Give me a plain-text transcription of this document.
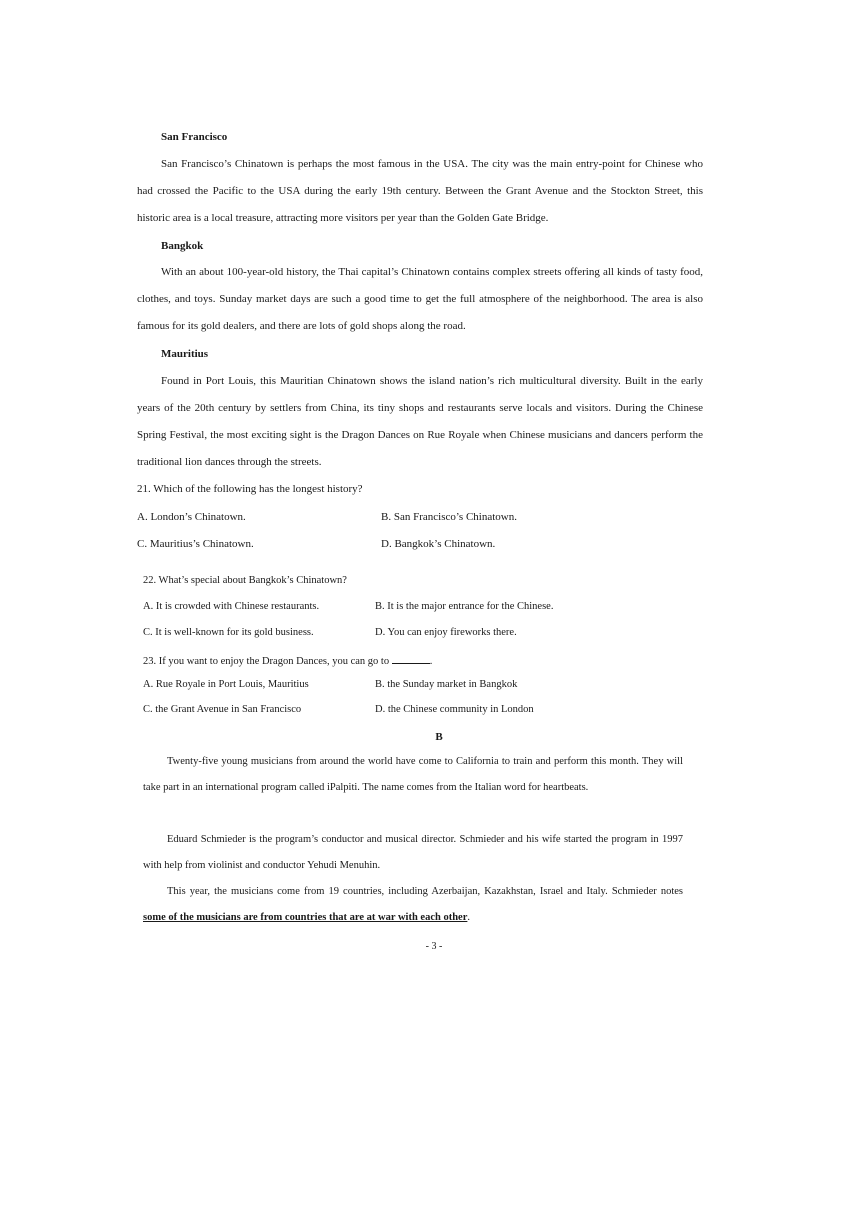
San Francisco
San Francisco’s Chinatown is perhaps the most famous in the USA. The city was the main entry-point for Chinese who had crossed the Pacific to the USA during the early 19th century. Between the Grant Avenue and the Stockton Street, this historic area is a local treasure, attracting more visitors per year than the Golden Gate Bridge.
Bangkok
With an about 100-year-old history, the Thai capital’s Chinatown contains complex streets offering all kinds of tasty food, clothes, and toys. Sunday market days are such a good time to get the full atmosphere of the neighborhood. The area is also famous for its gold dealers, and there are lots of gold shops along the road.
Mauritius
Found in Port Louis, this Mauritian Chinatown shows the island nation’s rich multicultural diversity. Built in the early years of the 20th century by settlers from China, its tiny shops and restaurants serve locals and visitors. During the Chinese Spring Festival, the most exciting sight is the Dragon Dances on Rue Royale when Chinese musicians and dancers perform the traditional lion dances through the streets.
21. Which of the following has the longest history?
A. London’s Chinatown.	B. San Francisco’s Chinatown.
C. Mauritius’s Chinatown.	D. Bangkok’s Chinatown.
22. What’s special about Bangkok’s Chinatown?
A. It is crowded with Chinese restaurants.	B. It is the major entrance for the Chinese.
C. It is well-known for its gold business.	D. You can enjoy fireworks there.
23. If you want to enjoy the Dragon Dances, you can go to	.
A. Rue Royale in Port Louis, Mauritius	B. the Sunday market in Bangkok
C. the Grant Avenue in San Francisco	D. the Chinese community in London
B
Twenty-five young musicians from around the world have come to California to train and perform this month. They will take part in an international program called iPalpiti. The name comes from the Italian word for heartbeats.
Eduard Schmieder is the program’s conductor and musical director. Schmieder and his wife started the program in 1997 with help from violinist and conductor Yehudi Menuhin.
This year, the musicians come from 19 countries, including Azerbaijan, Kazakhstan, Israel and Italy. Schmieder notes some of the musicians are from countries that are at war with each other.
- 3 -
